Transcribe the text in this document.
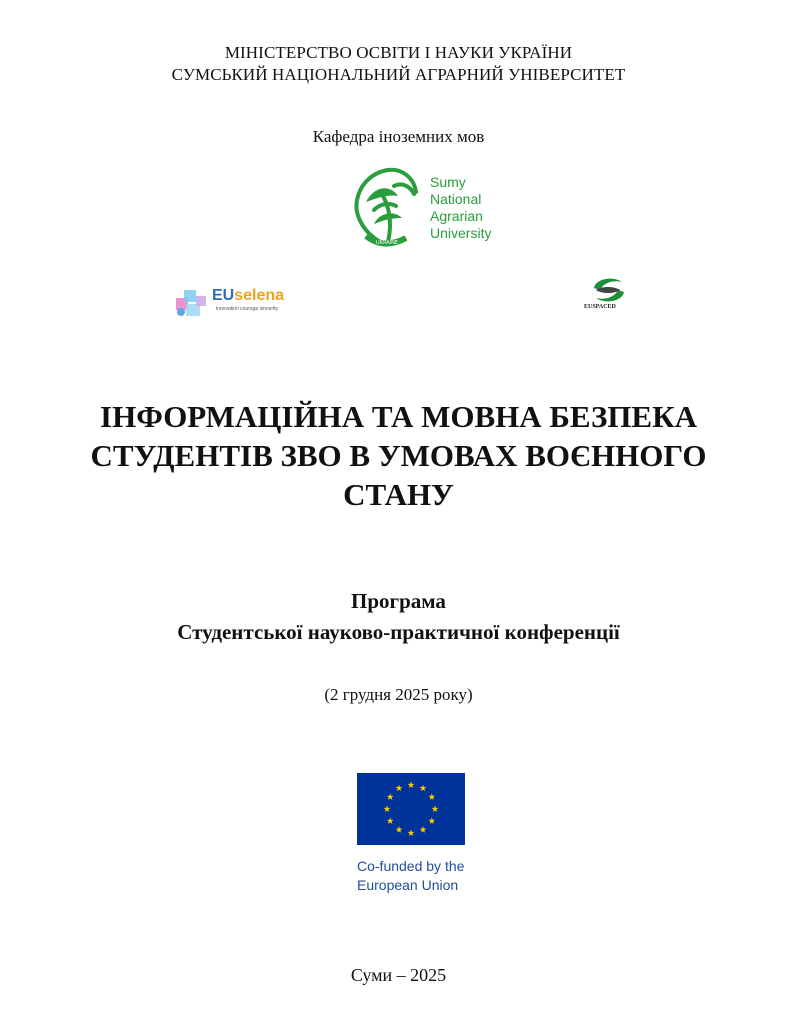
МІНІСТЕРСТВО ОСВІТИ І НАУКИ УКРАЇНИ
СУМСЬКИЙ НАЦІОНАЛЬНИЙ АГРАРНИЙ УНІВЕРСИТЕТ
Кафедра іноземних мов
UKRAINE
Sumy
National
Agrarian
University
EUselena
innovation courage sincerity	EUSPACED
ІНФОРМАЦІЙНА ТА МОВНА БЕЗПЕКА
СТУДЕНТІВ ЗВО В УМОВАХ ВОЄННОГО
СТАНУ
Програма
Студентської науково-практичної конференції
(2 грудня 2025 року)
Co-funded by the
European Union
Суми – 2025
